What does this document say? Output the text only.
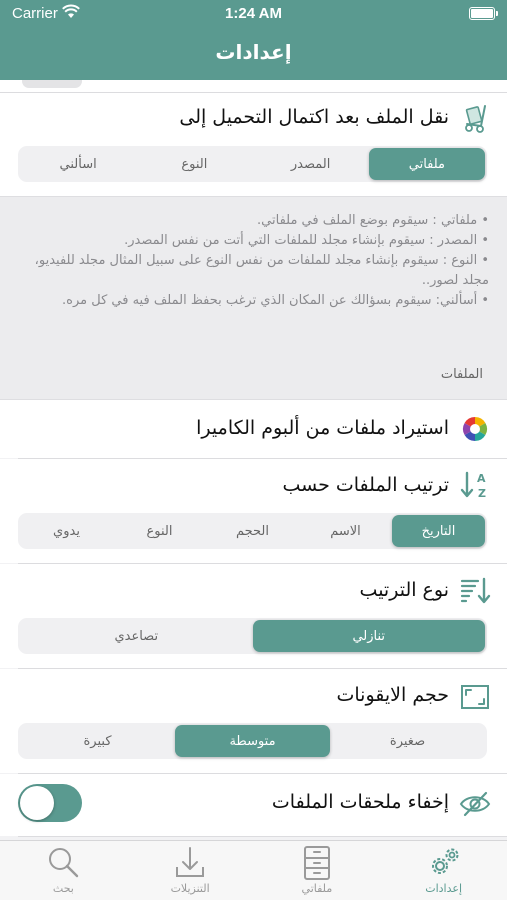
Carrier	1:24 AM
إعدادات
نقل الملف بعد اكتمال التحميل إلى
ملفاتي
المصدر
النوع
اسألني
• ملفاتي : سيقوم بوضع الملف في ملفاتي.
• المصدر : سيقوم بإنشاء مجلد للملفات التي أتت من نفس المصدر.
• النوع : سيقوم بإنشاء مجلد للملفات من نفس النوع على سبيل المثال مجلد للفيديو، مجلد لصور..
• أسألني: سيقوم بسؤالك عن المكان الذي ترغب بحفظ الملف فيه في كل مره.
الملفات
استيراد ملفات من ألبوم الكاميرا
A
Z
ترتيب الملفات حسب
التاريخ
الاسم
الحجم
النوع
يدوي
نوع الترتيب
تنازلي
تصاعدي
حجم الايقونات
صغيرة
متوسطة
كبيرة
إخفاء ملحقات الملفات
بحث	التنزيلات	ملفاتي	إعدادات
